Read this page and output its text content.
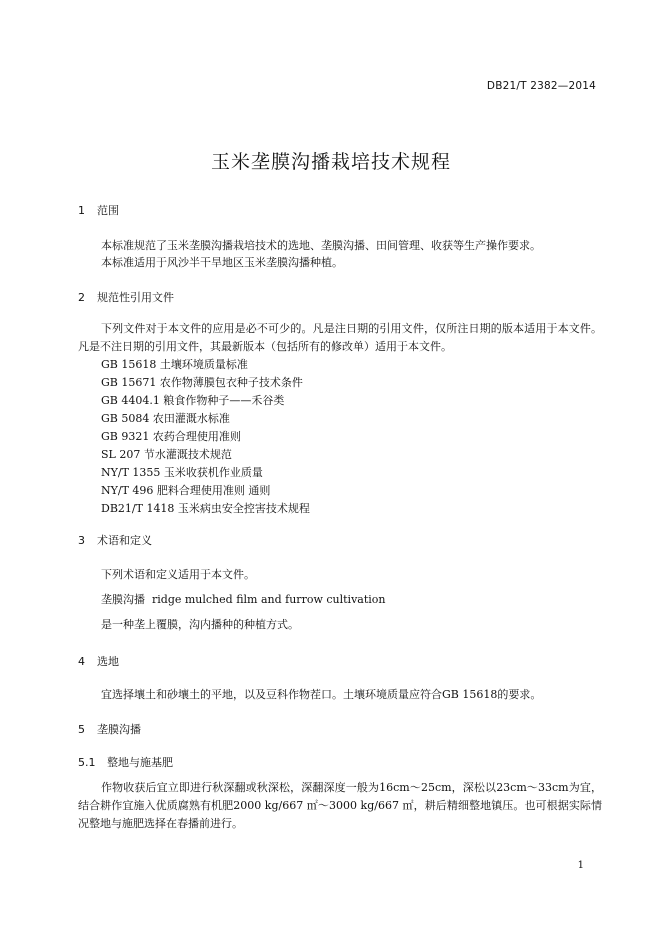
DB21/T 2382—2014
玉米垄膜沟播栽培技术规程
1 范围
本标准规范了玉米垄膜沟播栽培技术的选地、垄膜沟播、田间管理、收获等生产操作要求。
本标准适用于风沙半干旱地区玉米垄膜沟播种植。
2 规范性引用文件
下列文件对于本文件的应用是必不可少的。凡是注日期的引用文件，仅所注日期的版本适用于本文件。凡是不注日期的引用文件，其最新版本（包括所有的修改单）适用于本文件。
GB 15618 土壤环境质量标准
GB 15671 农作物薄膜包衣种子技术条件
GB 4404.1 粮食作物种子——禾谷类
GB 5084 农田灌溉水标准
GB 9321 农药合理使用准则
SL 207 节水灌溉技术规范
NY/T 1355 玉米收获机作业质量
NY/T 496 肥料合理使用准则 通则
DB21/T 1418 玉米病虫安全控害技术规程
3 术语和定义
下列术语和定义适用于本文件。
垄膜沟播 ridge mulched film and furrow cultivation
是一种垄上覆膜，沟内播种的种植方式。
4 选地
宜选择壤土和砂壤土的平地，以及豆科作物茬口。土壤环境质量应符合GB 15618的要求。
5 垄膜沟播
5.1 整地与施基肥
作物收获后宜立即进行秋深翻或秋深松，深翻深度一般为16cm～25cm，深松以23cm～33cm为宜，结合耕作宜施入优质腐熟有机肥2000 kg/667 ㎡～3000 kg/667 ㎡，耕后精细整地镇压。也可根据实际情况整地与施肥选择在春播前进行。
1
